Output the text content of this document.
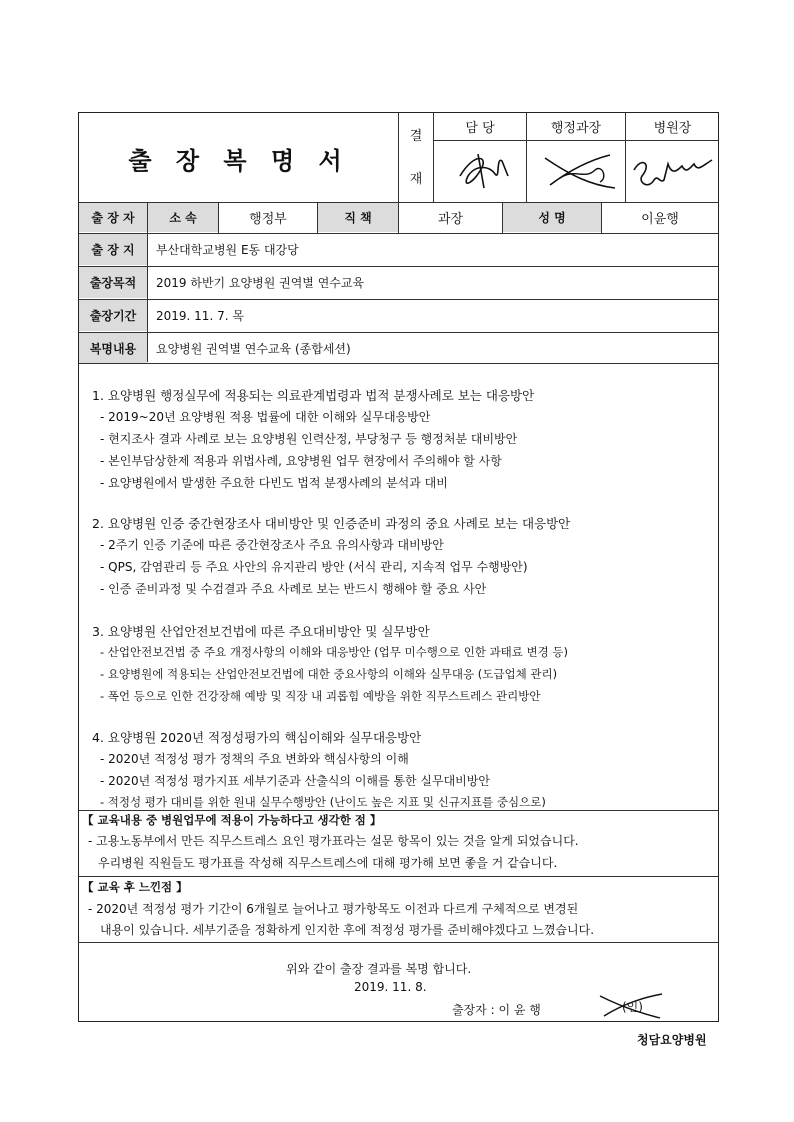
출 장 복 명 서
결
재
담 당	행정과장	병원장
출 장 자	소 속	행정부	직 책	과장	성 명	이윤행
출 장 지	부산대학교병원 E동 대강당
출장목적	2019 하반기 요양병원 권역별 연수교육
출장기간	2019. 11. 7. 목
복명내용	요양병원 권역별 연수교육 (종합세션)
1. 요양병원 행정실무에 적용되는 의료관계법령과 법적 분쟁사례로 보는 대응방안
- 2019~20년 요양병원 적용 법률에 대한 이해와 실무대응방안
- 현지조사 결과 사례로 보는 요양병원 인력산정, 부당청구 등 행정처분 대비방안
- 본인부담상한제 적용과 위법사례, 요양병원 업무 현장에서 주의해야 할 사항
- 요양병원에서 발생한 주요한 다빈도 법적 분쟁사례의 분석과 대비
2. 요양병원 인증 중간현장조사 대비방안 및 인증준비 과정의 중요 사례로 보는 대응방안
- 2주기 인증 기준에 따른 중간현장조사 주요 유의사항과 대비방안
- QPS, 감염관리 등 주요 사안의 유지관리 방안 (서식 관리, 지속적 업무 수행방안)
- 인증 준비과정 및 수검결과 주요 사례로 보는 반드시 행해야 할 중요 사안
3. 요양병원 산업안전보건법에 따른 주요대비방안 및 실무방안
- 산업안전보건법 중 주요 개정사항의 이해와 대응방안 (업무 미수행으로 인한 과태료 변경 등)
- 요양병원에 적용되는 산업안전보건법에 대한 중요사항의 이해와 실무대응 (도급업체 관리)
- 폭언 등으로 인한 건강장해 예방 및 직장 내 괴롭힘 예방을 위한 직무스트레스 관리방안
4. 요양병원 2020년 적정성평가의 핵심이해와 실무대응방안
- 2020년 적정성 평가 정책의 주요 변화와 핵심사항의 이해
- 2020년 적정성 평가지표 세부기준과 산출식의 이해를 통한 실무대비방안
- 적정성 평가 대비를 위한 원내 실무수행방안 (난이도 높은 지표 및 신규지표를 중심으로)
【 교육내용 중 병원업무에 적용이 가능하다고 생각한 점 】
- 고용노동부에서 만든 직무스트레스 요인 평가표라는 설문 항목이 있는 것을 알게 되었습니다.
우리병원 직원들도 평가표를 작성해 직무스트레스에 대해 평가해 보면 좋을 거 같습니다.
【 교육 후 느낀점 】
- 2020년 적정성 평가 기간이 6개월로 늘어나고 평가항목도 이전과 다르게 구체적으로 변경된
내용이 있습니다. 세부기준을 정확하게 인지한 후에 적정성 평가를 준비해야겠다고 느꼈습니다.
위와 같이 출장 결과를 복명 합니다.
2019. 11. 8.
출장자 : 이 윤 행	(인)
청담요양병원
